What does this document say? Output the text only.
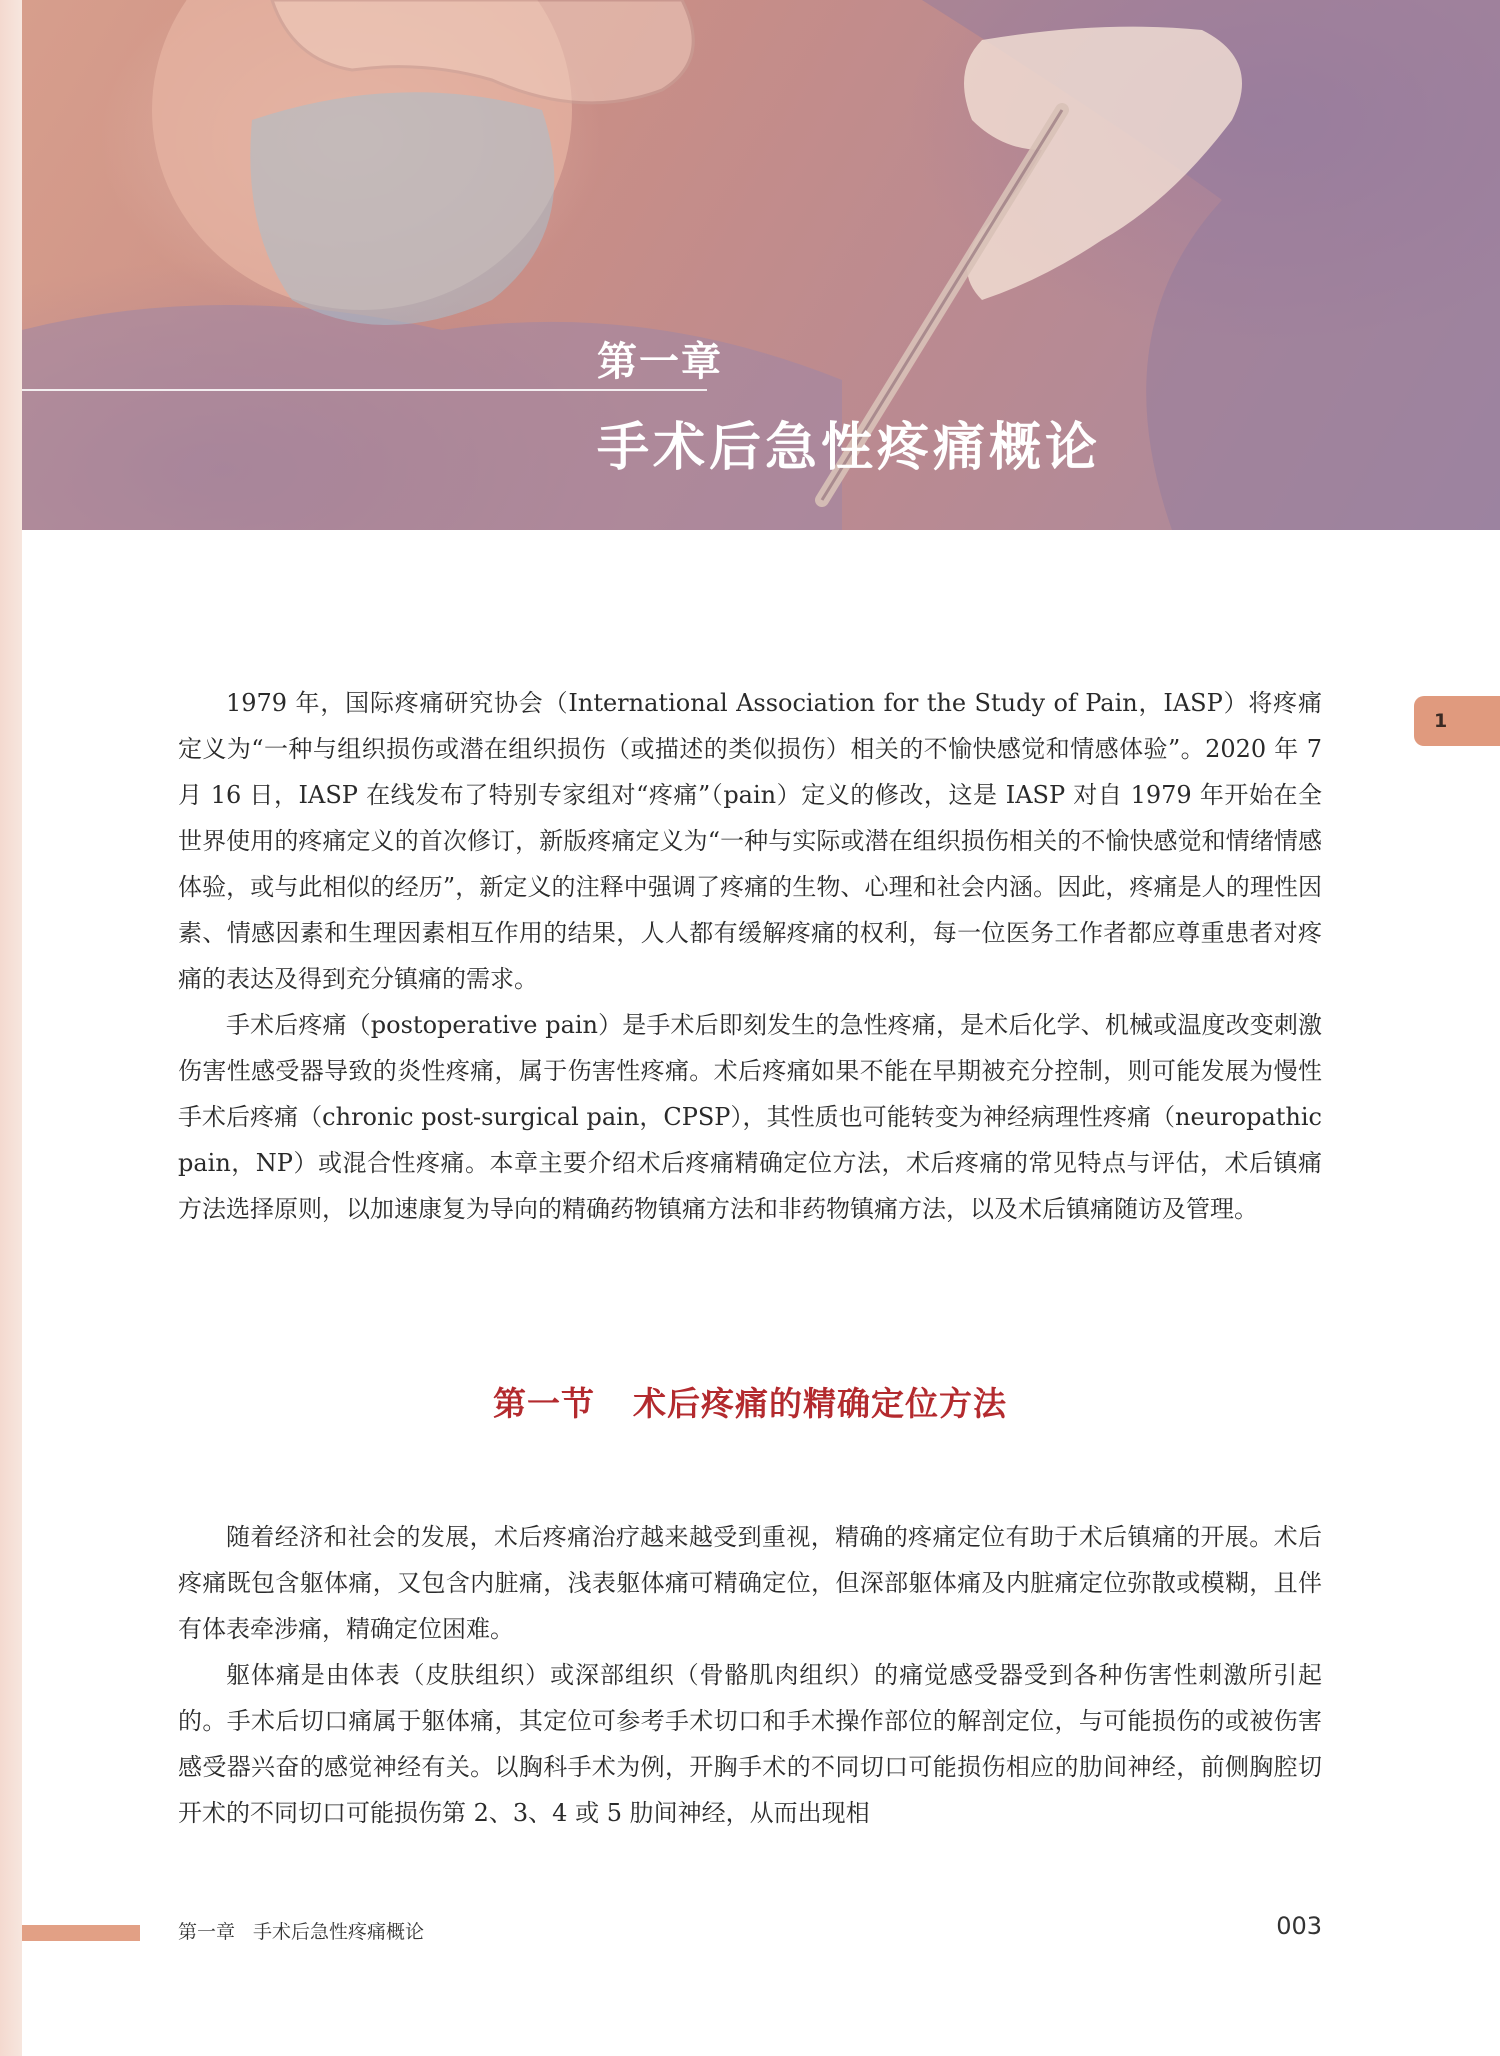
第一章
手术后急性疼痛概论
1

1979 年，国际疼痛研究协会（International Association for the Study of Pain，IASP）将疼痛定义为“一种与组织损伤或潜在组织损伤（或描述的类似损伤）相关的不愉快感觉和情感体验”。2020 年 7 月 16 日，IASP 在线发布了特别专家组对“疼痛”（pain）定义的修改，这是 IASP 对自 1979 年开始在全世界使用的疼痛定义的首次修订，新版疼痛定义为“一种与实际或潜在组织损伤相关的不愉快感觉和情绪情感体验，或与此相似的经历”，新定义的注释中强调了疼痛的生物、心理和社会内涵。因此，疼痛是人的理性因素、情感因素和生理因素相互作用的结果，人人都有缓解疼痛的权利，每一位医务工作者都应尊重患者对疼痛的表达及得到充分镇痛的需求。

手术后疼痛（postoperative pain）是手术后即刻发生的急性疼痛，是术后化学、机械或温度改变刺激伤害性感受器导致的炎性疼痛，属于伤害性疼痛。术后疼痛如果不能在早期被充分控制，则可能发展为慢性手术后疼痛（chronic post-surgical pain，CPSP），其性质也可能转变为神经病理性疼痛（neuropathic pain，NP）或混合性疼痛。本章主要介绍术后疼痛精确定位方法，术后疼痛的常见特点与评估，术后镇痛方法选择原则，以加速康复为导向的精确药物镇痛方法和非药物镇痛方法，以及术后镇痛随访及管理。

第一节 术后疼痛的精确定位方法

随着经济和社会的发展，术后疼痛治疗越来越受到重视，精确的疼痛定位有助于术后镇痛的开展。术后疼痛既包含躯体痛，又包含内脏痛，浅表躯体痛可精确定位，但深部躯体痛及内脏痛定位弥散或模糊，且伴有体表牵涉痛，精确定位困难。

躯体痛是由体表（皮肤组织）或深部组织（骨骼肌肉组织）的痛觉感受器受到各种伤害性刺激所引起的。手术后切口痛属于躯体痛，其定位可参考手术切口和手术操作部位的解剖定位，与可能损伤的或被伤害感受器兴奋的感觉神经有关。以胸科手术为例，开胸手术的不同切口可能损伤相应的肋间神经，前侧胸腔切开术的不同切口可能损伤第 2、3、4 或 5 肋间神经，从而出现相

第一章 手术后急性疼痛概论	003
